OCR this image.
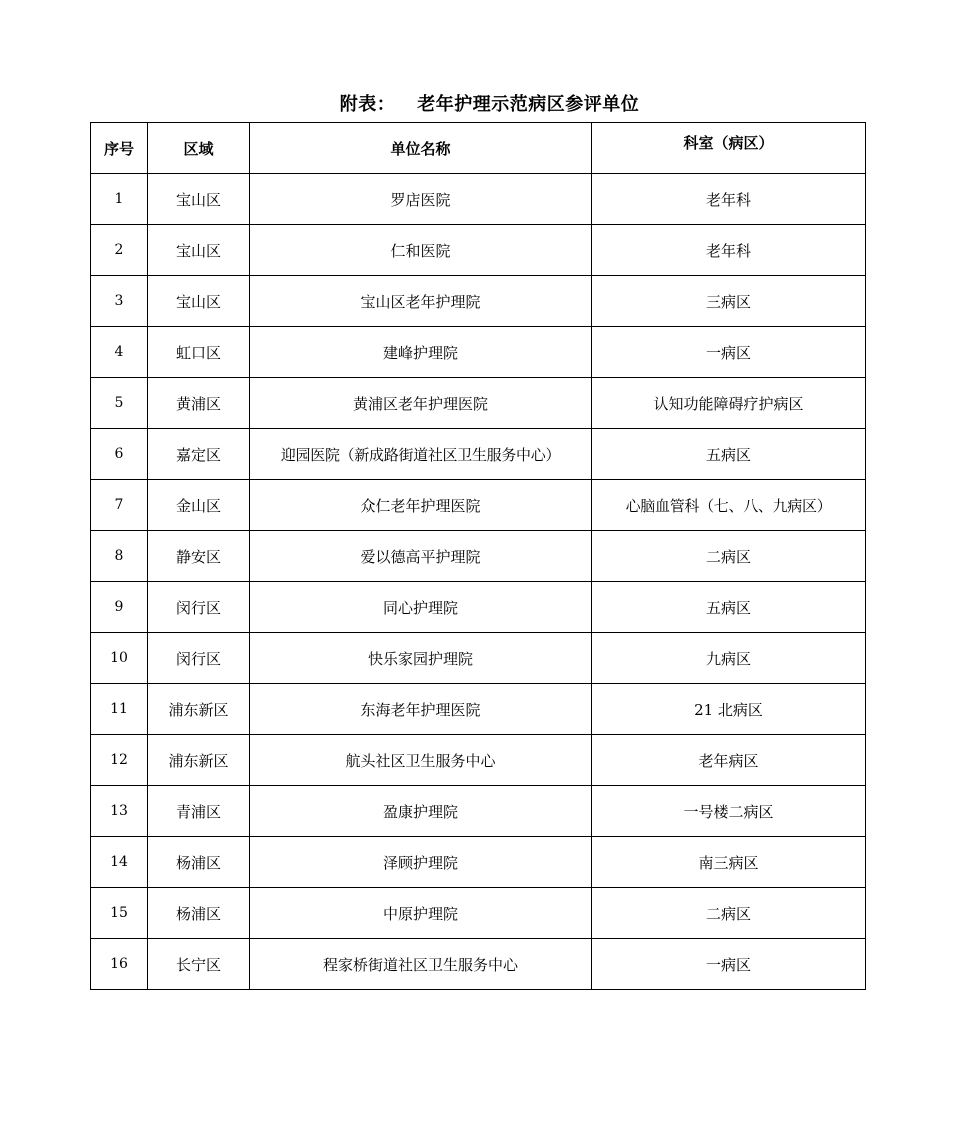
附表： 老年护理示范病区参评单位
序号	区域	单位名称	科室（病区）
1	宝山区	罗店医院	老年科
2	宝山区	仁和医院	老年科
3	宝山区	宝山区老年护理院	三病区
4	虹口区	建峰护理院	一病区
5	黄浦区	黄浦区老年护理医院	认知功能障碍疗护病区
6	嘉定区	迎园医院（新成路街道社区卫生服务中心）	五病区
7	金山区	众仁老年护理医院	心脑血管科（七、八、九病区）
8	静安区	爱以德高平护理院	二病区
9	闵行区	同心护理院	五病区
10	闵行区	快乐家园护理院	九病区
11	浦东新区	东海老年护理医院	21 北病区
12	浦东新区	航头社区卫生服务中心	老年病区
13	青浦区	盈康护理院	一号楼二病区
14	杨浦区	泽顾护理院	南三病区
15	杨浦区	中原护理院	二病区
16	长宁区	程家桥街道社区卫生服务中心	一病区
